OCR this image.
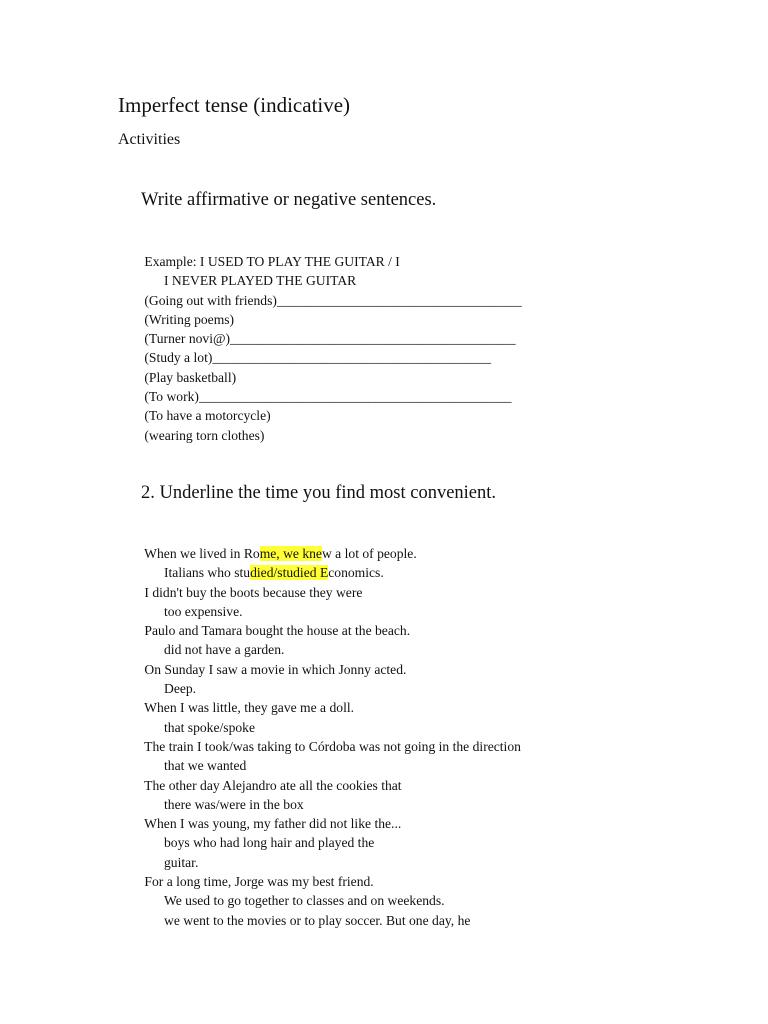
Imperfect tense (indicative)
Activities
Write affirmative or negative sentences.
Example: I USED TO PLAY THE GUITAR / I
I NEVER PLAYED THE GUITAR
(Going out with friends)____________________________________
(Writing poems)
(Turner novi@)__________________________________________
(Study a lot)_________________________________________
(Play basketball)
(To work)______________________________________________
(To have a motorcycle)
(wearing torn clothes)
2. Underline the time you find most convenient.
When we lived in Rome, we knew a lot of people.
Italians who studied/studied Economics.
I didn't buy the boots because they were
too expensive.
Paulo and Tamara bought the house at the beach.
did not have a garden.
On Sunday I saw a movie in which Jonny acted.
Deep.
When I was little, they gave me a doll.
that spoke/spoke
The train I took/was taking to Córdoba was not going in the direction
that we wanted
The other day Alejandro ate all the cookies that
there was/were in the box
When I was young, my father did not like the...
boys who had long hair and played the
guitar.
For a long time, Jorge was my best friend.
We used to go together to classes and on weekends.
we went to the movies or to play soccer. But one day, he
